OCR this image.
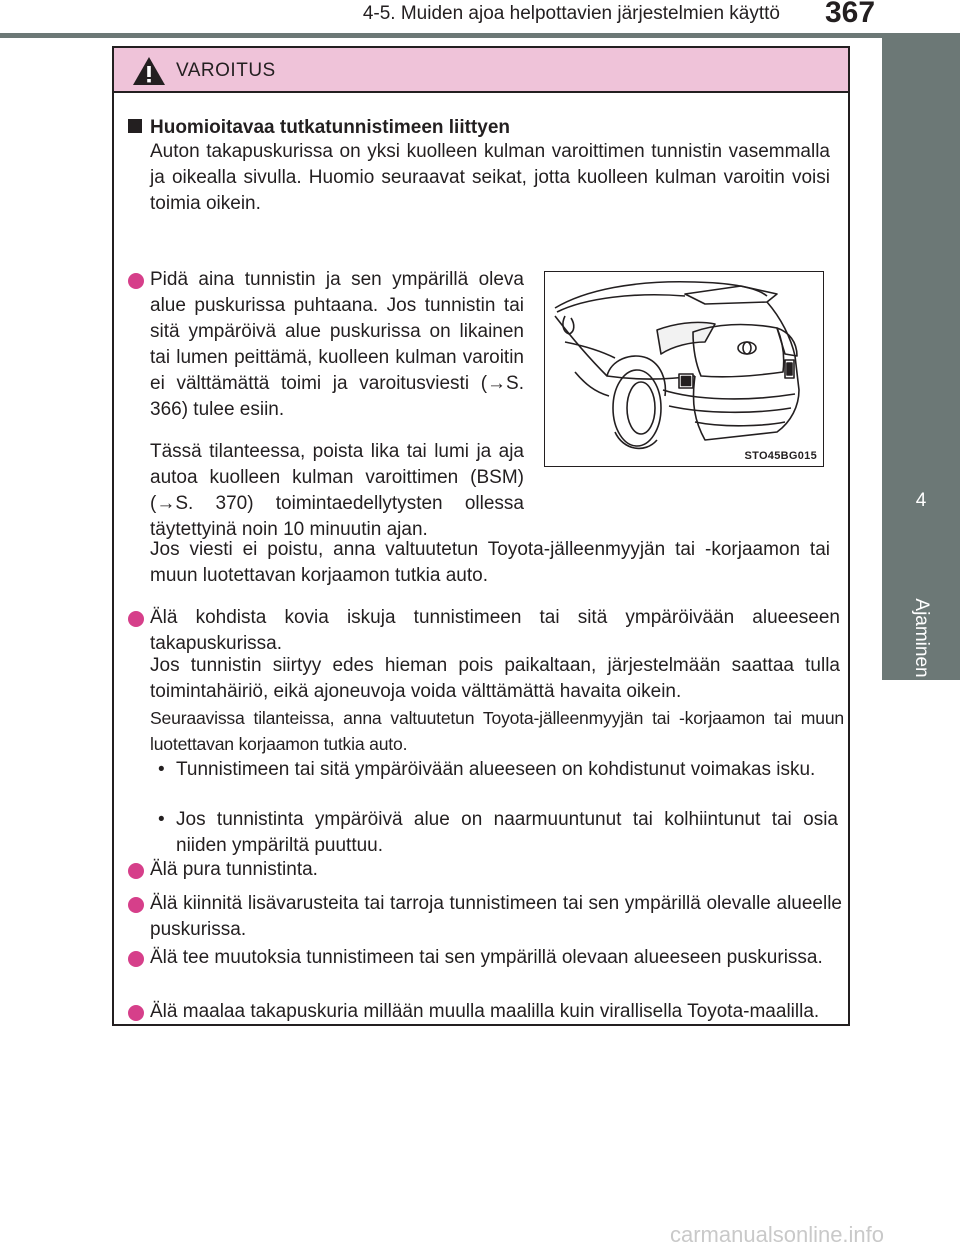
4-5. Muiden ajoa helpottavien järjestelmien käyttö	367
4
Ajaminen
VAROITUS
Huomioitavaa tutkatunnistimeen liittyen

Auton takapuskurissa on yksi kuolleen kulman varoittimen tunnistin vasemmalla ja oikealla sivulla. Huomio seuraavat seikat, jotta kuolleen kulman varoitin voisi toimia oikein.

Pidä aina tunnistin ja sen ympärillä oleva alue puskurissa puhtaana. Jos tunnistin tai sitä ympäröivä alue puskurissa on likainen tai lumen peittämä, kuolleen kulman varoitin ei välttämättä toimi ja varoitusviesti (→S. 366) tulee esiin.

Tässä tilanteessa, poista lika tai lumi ja aja autoa kuolleen kulman varoittimen (BSM) (→S. 370) toimintaedellytysten ollessa täytettyinä noin 10 minuutin ajan.

Jos viesti ei poistu, anna valtuutetun Toyota-jälleenmyyjän tai -korjaamon tai muun luotettavan korjaamon tutkia auto.

STO45BG015

Älä kohdista kovia iskuja tunnistimeen tai sitä ympäröivään alueeseen takapuskurissa.

Jos tunnistin siirtyy edes hieman pois paikaltaan, järjestelmään saattaa tulla toimintahäiriö, eikä ajoneuvoja voida välttämättä havaita oikein.

Seuraavissa tilanteissa, anna valtuutetun Toyota-jälleenmyyjän tai -korjaamon tai muun luotettavan korjaamon tutkia auto.

• Tunnistimeen tai sitä ympäröivään alueeseen on kohdistunut voimakas isku.

• Jos tunnistinta ympäröivä alue on naarmuuntunut tai kolhiintunut tai osia niiden ympäriltä puuttuu.

Älä pura tunnistinta.

Älä kiinnitä lisävarusteita tai tarroja tunnistimeen tai sen ympärillä olevalle alueelle puskurissa.

Älä tee muutoksia tunnistimeen tai sen ympärillä olevaan alueeseen puskurissa.

Älä maalaa takapuskuria millään muulla maalilla kuin virallisella Toyota-maalilla.

carmanualsonline.info
